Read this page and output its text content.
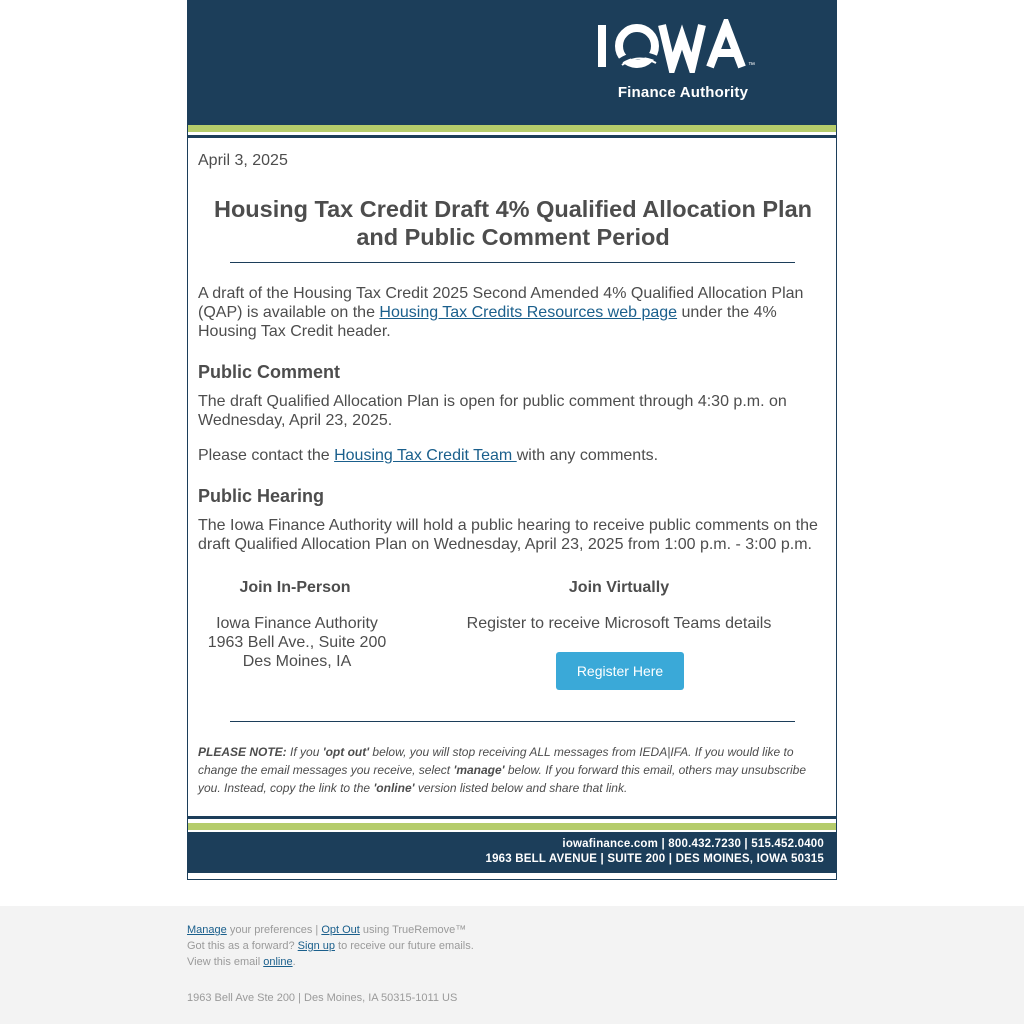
™
Finance Authority
April 3, 2025
Housing Tax Credit Draft 4% Qualified Allocation Plan
and Public Comment Period
A draft of the Housing Tax Credit 2025 Second Amended 4% Qualified Allocation Plan (QAP) is available on the Housing Tax Credits Resources web page under the 4% Housing Tax Credit header.
Public Comment
The draft Qualified Allocation Plan is open for public comment through 4:30 p.m. on Wednesday, April 23, 2025.
Please contact the Housing Tax Credit Team with any comments.
Public Hearing
The Iowa Finance Authority will hold a public hearing to receive public comments on the draft Qualified Allocation Plan on Wednesday, April 23, 2025 from 1:00 p.m. - 3:00 p.m.
Join In-Person
Iowa Finance Authority
1963 Bell Ave., Suite 200
Des Moines, IA
Join Virtually
Register to receive Microsoft Teams details
Register Here
PLEASE NOTE: If you 'opt out' below, you will stop receiving ALL messages from IEDA|IFA. If you would like to change the email messages you receive, select 'manage' below. If you forward this email, others may unsubscribe you. Instead, copy the link to the 'online' version listed below and share that link.
iowafinance.com | 800.432.7230 | 515.452.0400
1963 BELL AVENUE | SUITE 200 | DES MOINES, IOWA 50315
Manage your preferences | Opt Out using TrueRemove™
Got this as a forward? Sign up to receive our future emails.
View this email online.
1963 Bell Ave Ste 200 | Des Moines, IA 50315-1011 US
